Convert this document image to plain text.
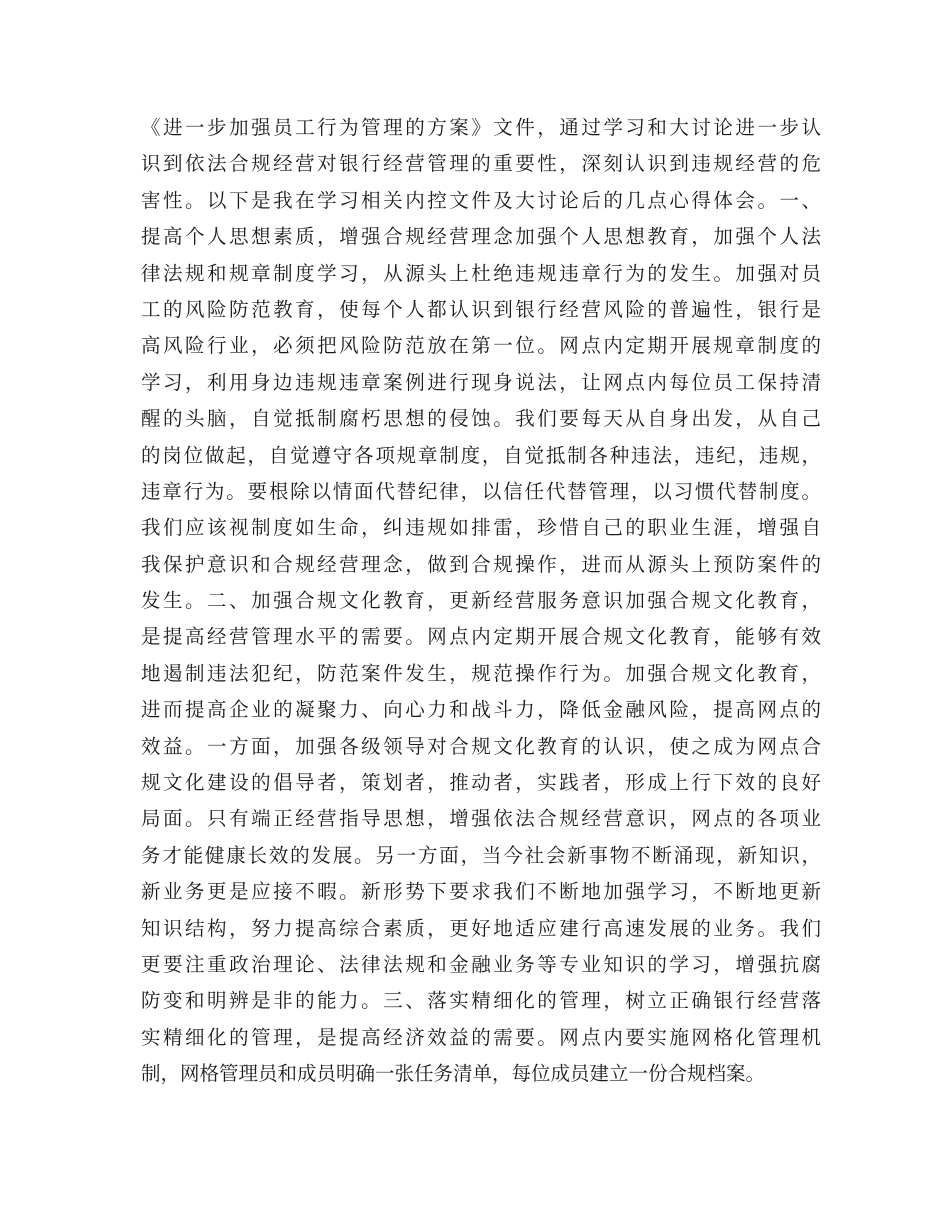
《进一步加强员工行为管理的方案》文件，通过学习和大讨论进一步认
识到依法合规经营对银行经营管理的重要性，深刻认识到违规经营的危
害性。以下是我在学习相关内控文件及大讨论后的几点心得体会。一、
提高个人思想素质，增强合规经营理念加强个人思想教育，加强个人法
律法规和规章制度学习，从源头上杜绝违规违章行为的发生。加强对员
工的风险防范教育，使每个人都认识到银行经营风险的普遍性，银行是
高风险行业，必须把风险防范放在第一位。网点内定期开展规章制度的
学习，利用身边违规违章案例进行现身说法，让网点内每位员工保持清
醒的头脑，自觉抵制腐朽思想的侵蚀。我们要每天从自身出发，从自己
的岗位做起，自觉遵守各项规章制度，自觉抵制各种违法，违纪，违规，
违章行为。要根除以情面代替纪律，以信任代替管理，以习惯代替制度。
我们应该视制度如生命，纠违规如排雷，珍惜自己的职业生涯，增强自
我保护意识和合规经营理念，做到合规操作，进而从源头上预防案件的
发生。二、加强合规文化教育，更新经营服务意识加强合规文化教育，
是提高经营管理水平的需要。网点内定期开展合规文化教育，能够有效
地遏制违法犯纪，防范案件发生，规范操作行为。加强合规文化教育，
进而提高企业的凝聚力、向心力和战斗力，降低金融风险，提高网点的
效益。一方面，加强各级领导对合规文化教育的认识，使之成为网点合
规文化建设的倡导者，策划者，推动者，实践者，形成上行下效的良好
局面。只有端正经营指导思想，增强依法合规经营意识，网点的各项业
务才能健康长效的发展。另一方面，当今社会新事物不断涌现，新知识，
新业务更是应接不暇。新形势下要求我们不断地加强学习，不断地更新
知识结构，努力提高综合素质，更好地适应建行高速发展的业务。我们
更要注重政治理论、法律法规和金融业务等专业知识的学习，增强抗腐
防变和明辨是非的能力。三、落实精细化的管理，树立正确银行经营落
实精细化的管理，是提高经济效益的需要。网点内要实施网格化管理机
制，网格管理员和成员明确一张任务清单，每位成员建立一份合规档案。
